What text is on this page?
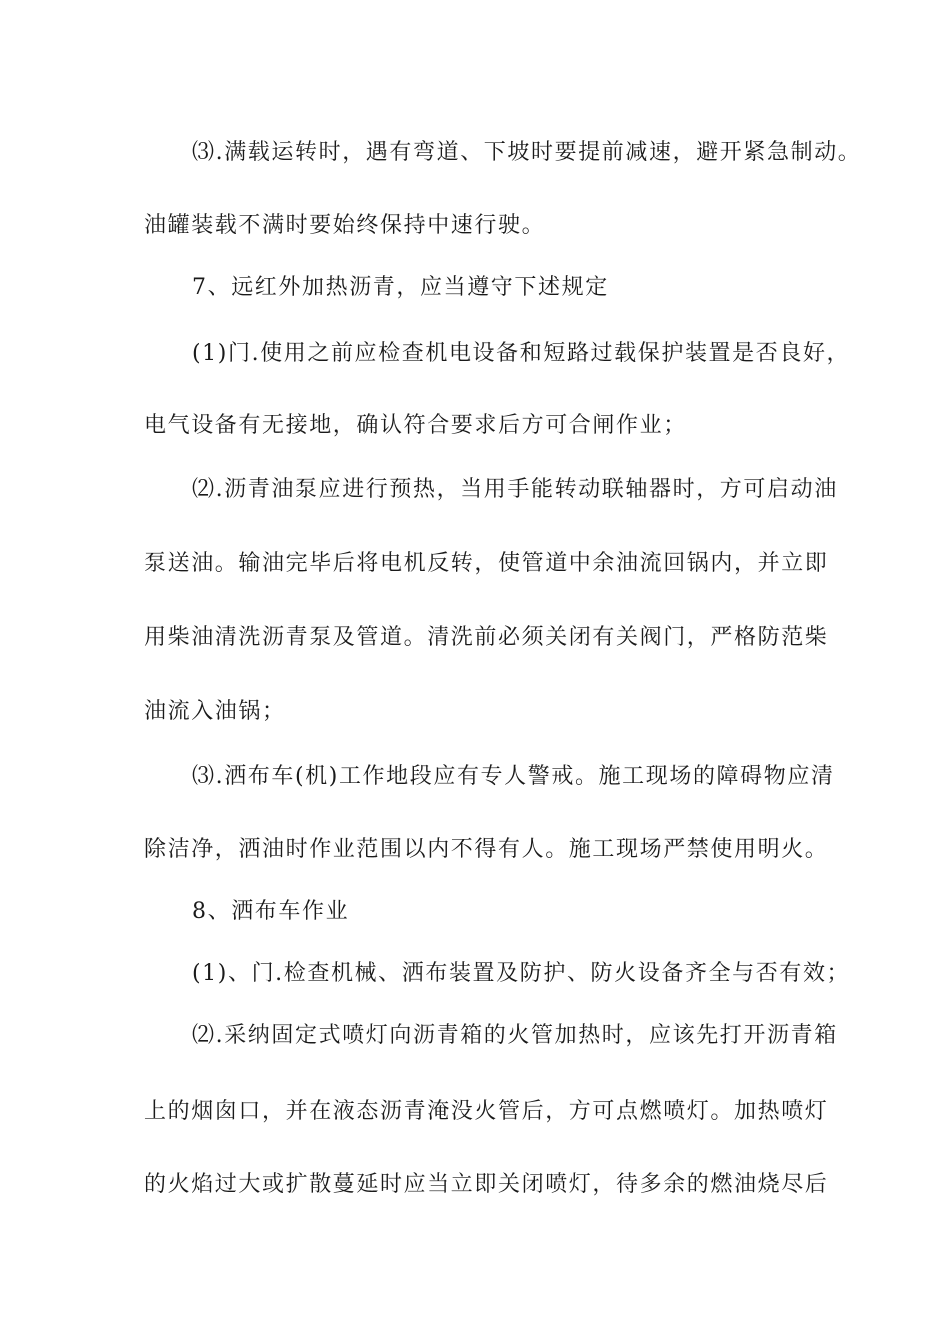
⑶.满载运转时，遇有弯道、下坡时要提前减速，避开紧急制动。
油罐装载不满时要始终保持中速行驶。
7、远红外加热沥青，应当遵守下述规定
(1)门.使用之前应检查机电设备和短路过载保护装置是否良好，
电气设备有无接地，确认符合要求后方可合闸作业；
⑵.沥青油泵应进行预热，当用手能转动联轴器时，方可启动油
泵送油。输油完毕后将电机反转，使管道中余油流回锅内，并立即
用柴油清洗沥青泵及管道。清洗前必须关闭有关阀门，严格防范柴
油流入油锅；
⑶.洒布车(机)工作地段应有专人警戒。施工现场的障碍物应清
除洁净，洒油时作业范围以内不得有人。施工现场严禁使用明火。
8、洒布车作业
(1)、门.检查机械、洒布装置及防护、防火设备齐全与否有效；
⑵.采纳固定式喷灯向沥青箱的火管加热时，应该先打开沥青箱
上的烟囱口，并在液态沥青淹没火管后，方可点燃喷灯。加热喷灯
的火焰过大或扩散蔓延时应当立即关闭喷灯，待多余的燃油烧尽后
